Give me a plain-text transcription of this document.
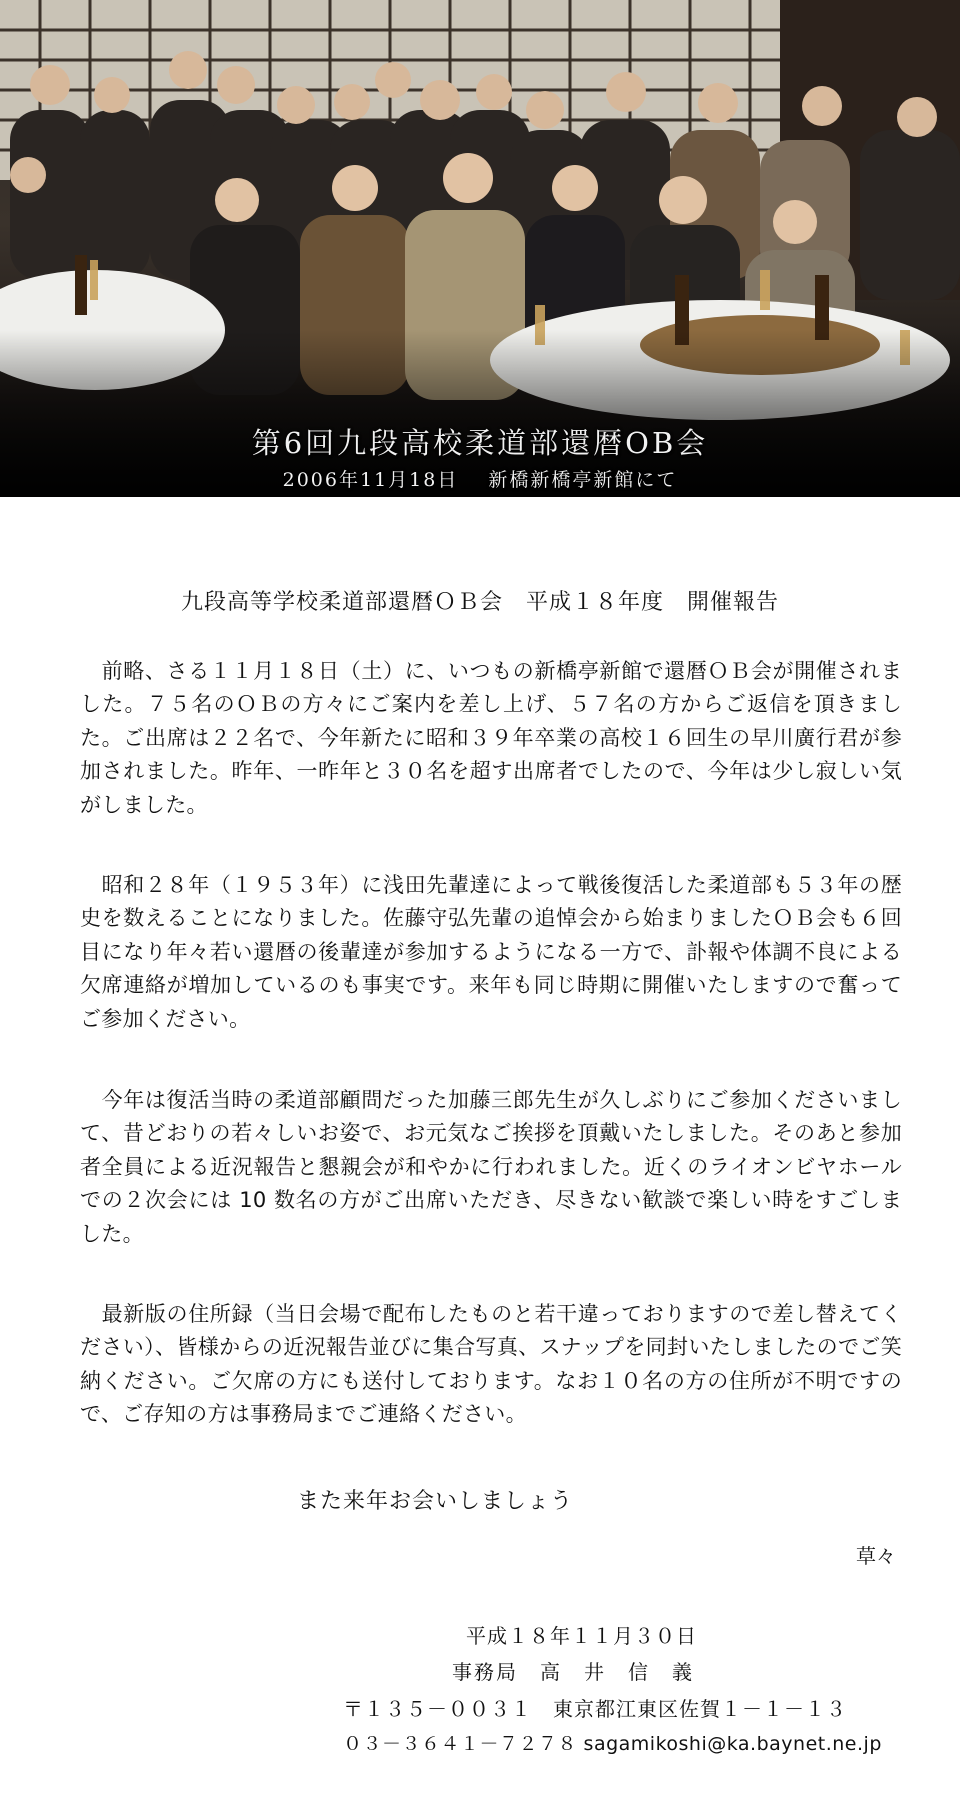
第6回九段高校柔道部還暦OB会
2006年11月18日 新橋新橋亭新館にて
九段高等学校柔道部還暦ＯＢ会　平成１８年度　開催報告

　前略、さる１１月１８日（土）に、いつもの新橋亭新館で還暦ＯＢ会が開催されました。７５名のＯＢの方々にご案内を差し上げ、５７名の方からご返信を頂きました。ご出席は２２名で、今年新たに昭和３９年卒業の高校１６回生の早川廣行君が参加されました。昨年、一昨年と３０名を超す出席者でしたので、今年は少し寂しい気がしました。

　昭和２８年（１９５３年）に浅田先輩達によって戦後復活した柔道部も５３年の歴史を数えることになりました。佐藤守弘先輩の追悼会から始まりましたＯＢ会も６回目になり年々若い還暦の後輩達が参加するようになる一方で、訃報や体調不良による欠席連絡が増加しているのも事実です。来年も同じ時期に開催いたしますので奮ってご参加ください。

　今年は復活当時の柔道部顧問だった加藤三郎先生が久しぶりにご参加くださいまして、昔どおりの若々しいお姿で、お元気なご挨拶を頂戴いたしました。そのあと参加者全員による近況報告と懇親会が和やかに行われました。近くのライオンビヤホールでの２次会には 10 数名の方がご出席いただき、尽きない歓談で楽しい時をすごしました。

　最新版の住所録（当日会場で配布したものと若干違っておりますので差し替えてください）、皆様からの近況報告並びに集合写真、スナップを同封いたしましたのでご笑納ください。ご欠席の方にも送付しております。なお１０名の方の住所が不明ですので、ご存知の方は事務局までご連絡ください。

また来年お会いしましょう
草々
平成１８年１１月３０日
事務局　高　井　信　義
〒１３５－００３１　東京都江東区佐賀１－１－１３
０３－３６４１－７２７８ sagamikoshi@ka.baynet.ne.jp
